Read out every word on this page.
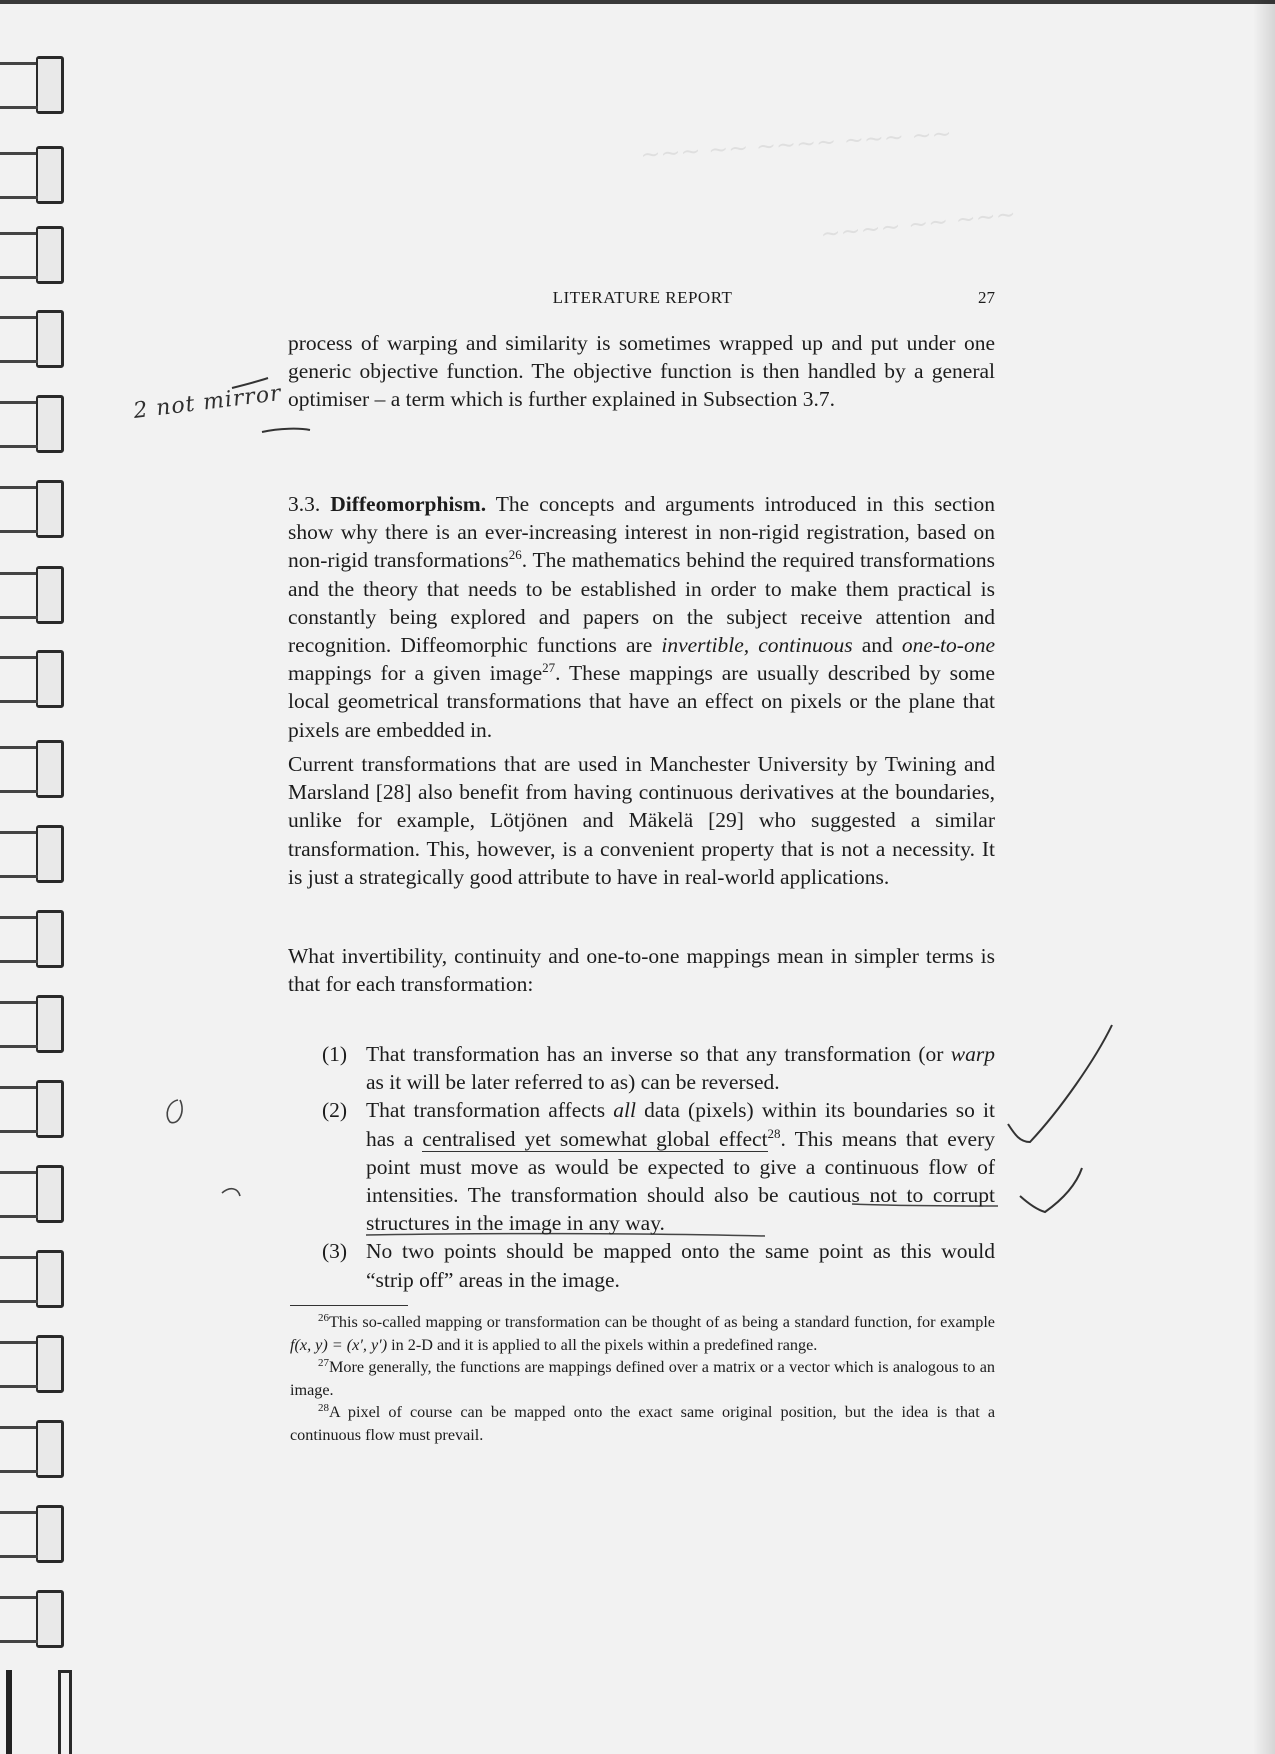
~~~ ~~ ~~~~ ~~~ ~~
~~~~ ~~ ~~~
LITERATURE REPORT	27

process of warping and similarity is sometimes wrapped up and put under one generic objective function. The objective function is then handled by a general optimiser – a term which is further explained in Subsection 3.7.

2 not mirror

3.3. Diffeomorphism. The concepts and arguments introduced in this section show why there is an ever-increasing interest in non-rigid registration, based on non-rigid transformations$^{26}$. The mathematics behind the required transformations and the theory that needs to be established in order to make them practical is constantly being explored and papers on the subject receive attention and recognition. Diffeomorphic functions are invertible, continuous and one-to-one mappings for a given image$^{27}$. These mappings are usually described by some local geometrical transformations that have an effect on pixels or the plane that pixels are embedded in.

Current transformations that are used in Manchester University by Twining and Marsland [28] also benefit from having continuous derivatives at the boundaries, unlike for example, Lötjönen and Mäkelä [29] who suggested a similar transformation. This, however, is a convenient property that is not a necessity. It is just a strategically good attribute to have in real-world applications.

What invertibility, continuity and one-to-one mappings mean in simpler terms is that for each transformation:

(1) That transformation has an inverse so that any transformation (or warp as it will be later referred to as) can be reversed.
(2) That transformation affects all data (pixels) within its boundaries so it has a centralised yet somewhat global effect$^{28}$. This means that every point must move as would be expected to give a continuous flow of intensities. The transformation should also be cautious not to corrupt structures in the image in any way.
(3) No two points should be mapped onto the same point as this would “strip off” areas in the image.
$^{26}$This so-called mapping or transformation can be thought of as being a standard function, for example f(x, y) = (x′, y′) in 2-D and it is applied to all the pixels within a predefined range.
$^{27}$More generally, the functions are mappings defined over a matrix or a vector which is analogous to an image.
$^{28}$A pixel of course can be mapped onto the exact same original position, but the idea is that a continuous flow must prevail.
